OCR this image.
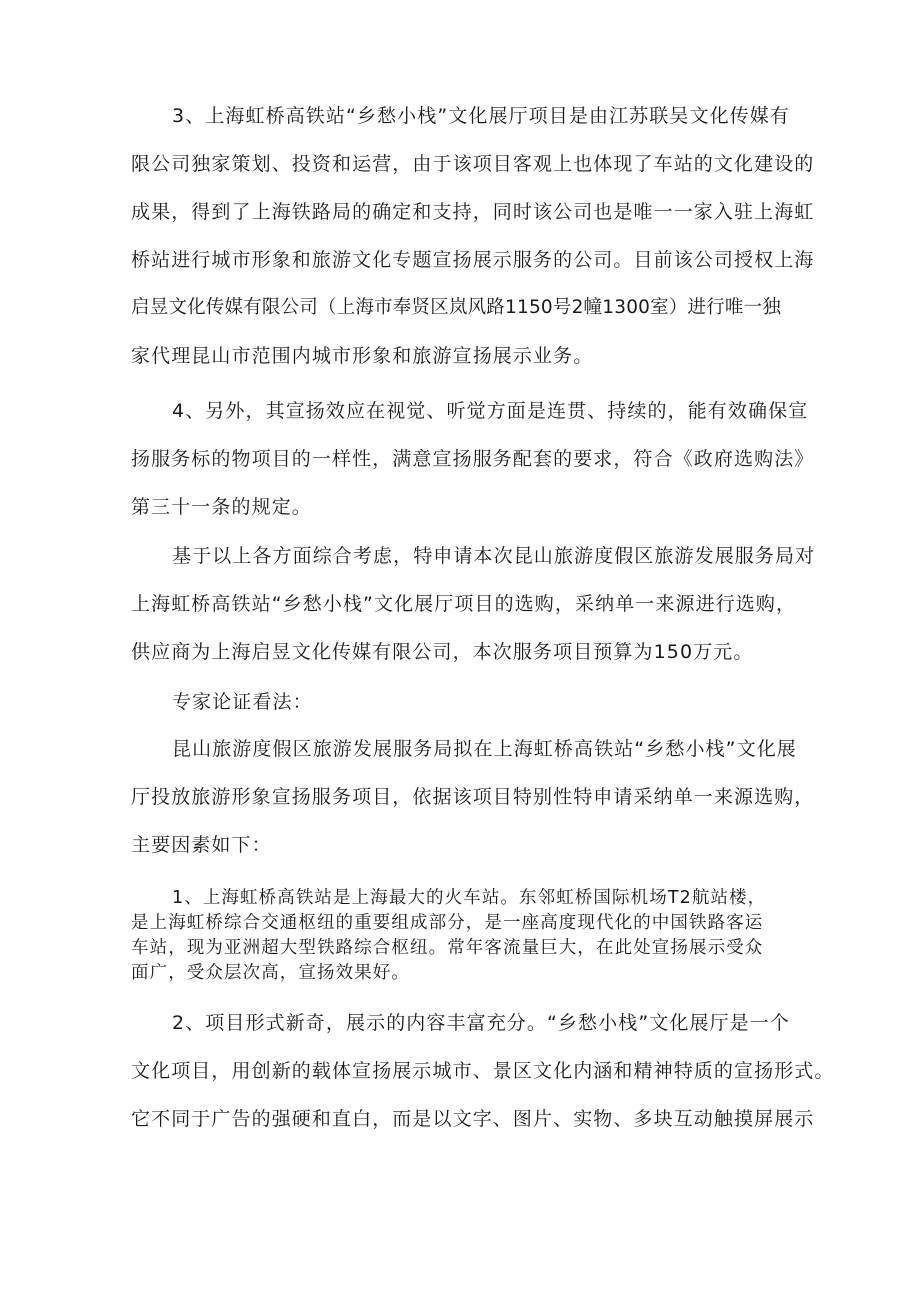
3、上海虹桥高铁站“乡愁小栈”文化展厅项目是由江苏联吴文化传媒有
限公司独家策划、投资和运营，由于该项目客观上也体现了车站的文化建设的
成果，得到了上海铁路局的确定和支持，同时该公司也是唯一一家入驻上海虹
桥站进行城市形象和旅游文化专题宣扬展示服务的公司。目前该公司授权上海
启昱文化传媒有限公司（上海市奉贤区岚风路1150号2幢1300室）进行唯一独
家代理昆山市范围内城市形象和旅游宣扬展示业务。
4、另外，其宣扬效应在视觉、听觉方面是连贯、持续的，能有效确保宣
扬服务标的物项目的一样性，满意宣扬服务配套的要求，符合《政府选购法》
第三十一条的规定。
基于以上各方面综合考虑，特申请本次昆山旅游度假区旅游发展服务局对
上海虹桥高铁站“乡愁小栈”文化展厅项目的选购，采纳单一来源进行选购，
供应商为上海启昱文化传媒有限公司，本次服务项目预算为150万元。
专家论证看法：
昆山旅游度假区旅游发展服务局拟在上海虹桥高铁站“乡愁小栈”文化展
厅投放旅游形象宣扬服务项目，依据该项目特别性特申请采纳单一来源选购，
主要因素如下：
1、上海虹桥高铁站是上海最大的火车站。东邻虹桥国际机场T2航站楼，
是上海虹桥综合交通枢纽的重要组成部分，是一座高度现代化的中国铁路客运
车站，现为亚洲超大型铁路综合枢纽。常年客流量巨大，在此处宣扬展示受众
面广，受众层次高，宣扬效果好。
2、项目形式新奇，展示的内容丰富充分。“乡愁小栈”文化展厅是一个
文化项目，用创新的载体宣扬展示城市、景区文化内涵和精神特质的宣扬形式。
它不同于广告的强硬和直白，而是以文字、图片、实物、多块互动触摸屏展示
